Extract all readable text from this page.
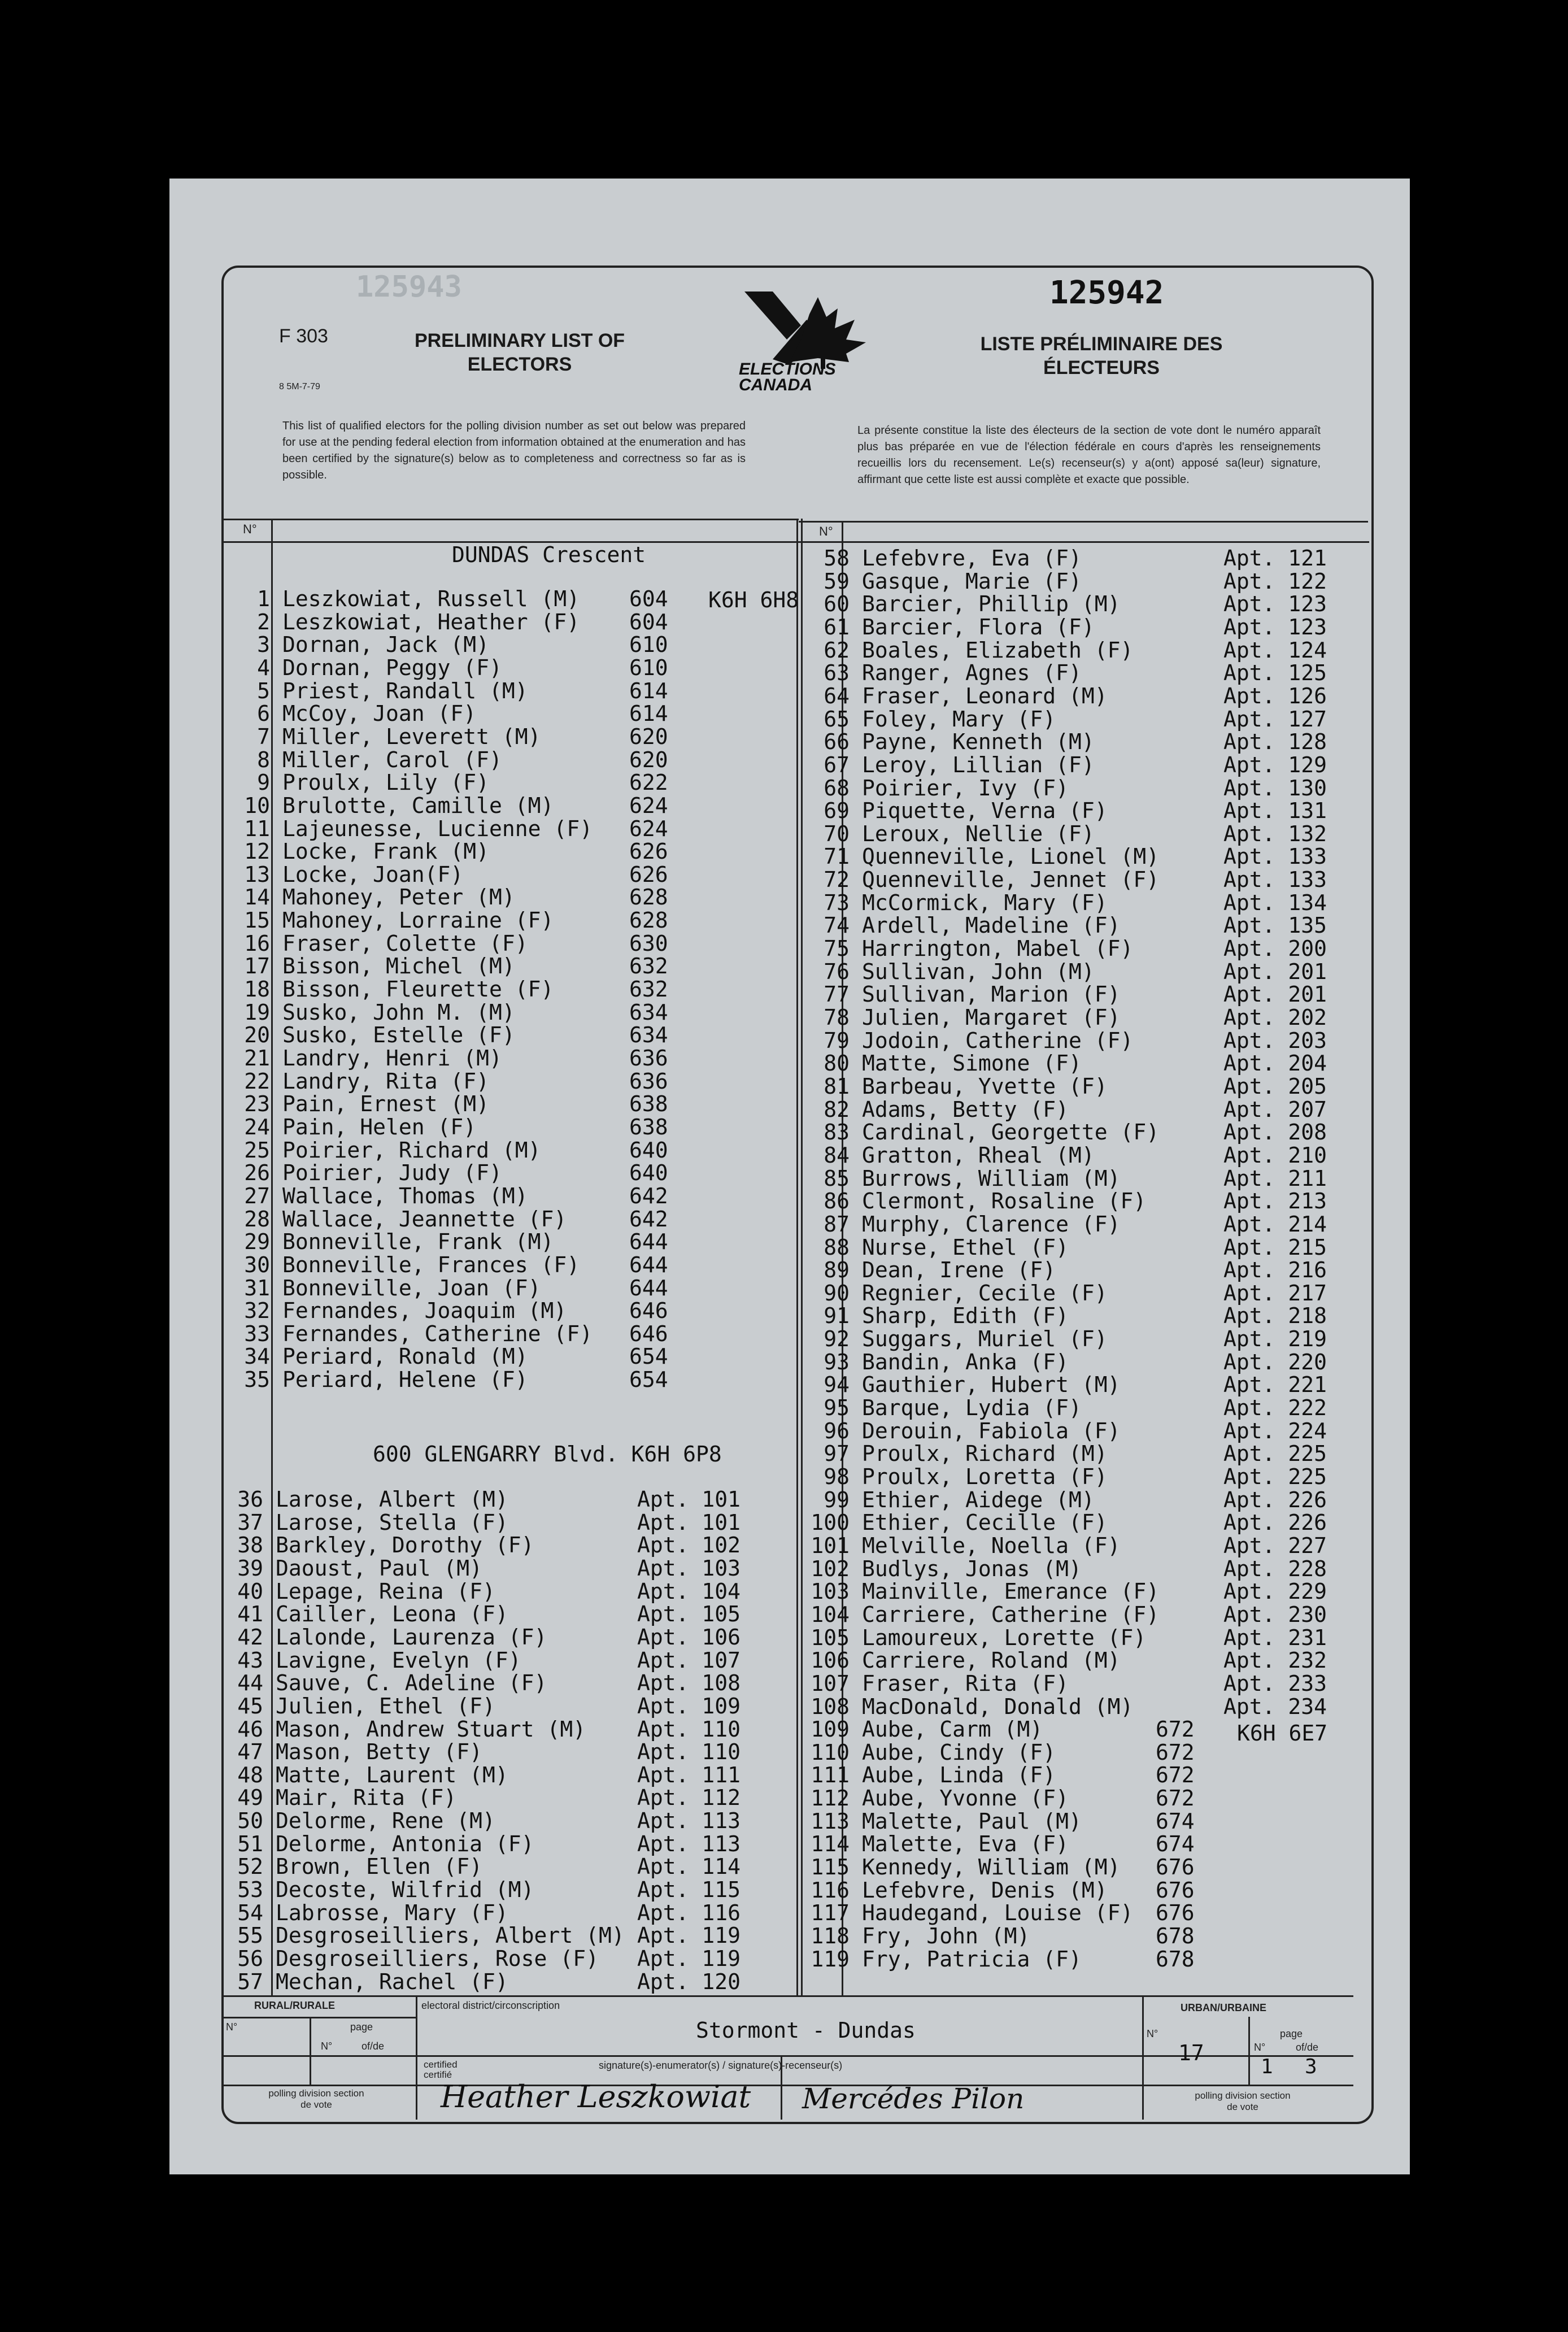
125943	125942
F 303
8 5M-7-79
PRELIMINARY LIST OF ELECTORS
LISTE PRÉLIMINAIRE DES ÉLECTEURS
ELECTIONS CANADA
This list of qualified electors for the polling division number as set out below was prepared for use at the pending federal election from information obtained at the enumeration and has been certified by the signature(s) below as to completeness and correctness so far as is possible.
La présente constitue la liste des électeurs de la section de vote dont le numéro apparaît plus bas préparée en vue de l'élection fédérale en cours d'après les renseignements recueillis lors du recensement. Le(s) recenseur(s) y a(ont) apposé sa(leur) signature, affirmant que cette liste est aussi complète et exacte que possible.
N°	N°
DUNDAS Crescent
K6H 6H8
1 Leszkowiat, Russell (M) 604
2 Leszkowiat, Heather (F) 604
3 Dornan, Jack (M)	610
4 Dornan, Peggy (F)	610
5 Priest, Randall (M)	614
6 McCoy, Joan (F)	614
7 Miller, Leverett (M)	620
8 Miller, Carol (F)	620
9 Proulx, Lily (F)	622
10 Brulotte, Camille (M)	624
11 Lajeunesse, Lucienne (F) 624
12 Locke, Frank (M)	626
13 Locke, Joan(F)	626
14 Mahoney, Peter (M)	628
15 Mahoney, Lorraine (F)	628
16 Fraser, Colette (F)	630
17 Bisson, Michel (M)	632
18 Bisson, Fleurette (F)	632
19 Susko, John M. (M)	634
20 Susko, Estelle (F)	634
21 Landry, Henri (M)	636
22 Landry, Rita (F)	636
23 Pain, Ernest (M)	638
24 Pain, Helen (F)	638
25 Poirier, Richard (M)	640
26 Poirier, Judy (F)	640
27 Wallace, Thomas (M)	642
28 Wallace, Jeannette (F)	642
29 Bonneville, Frank (M)	644
30 Bonneville, Frances (F) 644
31 Bonneville, Joan (F)	644
32 Fernandes, Joaquim (M)	646
33 Fernandes, Catherine (F) 646
34 Periard, Ronald (M)	654
35 Periard, Helene (F)	654
600 GLENGARRY Blvd. K6H 6P8
36 Larose, Albert (M)	Apt. 101
37 Larose, Stella (F)	Apt. 101
38 Barkley, Dorothy (F)	Apt. 102
39 Daoust, Paul (M)	Apt. 103
40 Lepage, Reina (F)	Apt. 104
41 Cailler, Leona (F)	Apt. 105
42 Lalonde, Laurenza (F)	Apt. 106
43 Lavigne, Evelyn (F)	Apt. 107
44 Sauve, C. Adeline (F)	Apt. 108
45 Julien, Ethel (F)	Apt. 109
46 Mason, Andrew Stuart (M) Apt. 110
47 Mason, Betty (F)	Apt. 110
48 Matte, Laurent (M)	Apt. 111
49 Mair, Rita (F)	Apt. 112
50 Delorme, Rene (M)	Apt. 113
51 Delorme, Antonia (F)	Apt. 113
52 Brown, Ellen (F)	Apt. 114
53 Decoste, Wilfrid (M)	Apt. 115
54 Labrosse, Mary (F)	Apt. 116
55 Desgroseilliers, Albert (M) Apt. 119
56 Desgroseilliers, Rose (F) Apt. 119
57 Mechan, Rachel (F)	Apt. 120
58 Lefebvre, Eva (F)	Apt. 121
59 Gasque, Marie (F)	Apt. 122
60 Barcier, Phillip (M)	Apt. 123
61 Barcier, Flora (F)	Apt. 123
62 Boales, Elizabeth (F)	Apt. 124
63 Ranger, Agnes (F)	Apt. 125
64 Fraser, Leonard (M)	Apt. 126
65 Foley, Mary (F)	Apt. 127
66 Payne, Kenneth (M)	Apt. 128
67 Leroy, Lillian (F)	Apt. 129
68 Poirier, Ivy (F)	Apt. 130
69 Piquette, Verna (F)	Apt. 131
70 Leroux, Nellie (F)	Apt. 132
71 Quenneville, Lionel (M)	Apt. 133
72 Quenneville, Jennet (F)	Apt. 133
73 McCormick, Mary (F)	Apt. 134
74 Ardell, Madeline (F)	Apt. 135
75 Harrington, Mabel (F)	Apt. 200
76 Sullivan, John (M)	Apt. 201
77 Sullivan, Marion (F)	Apt. 201
78 Julien, Margaret (F)	Apt. 202
79 Jodoin, Catherine (F)	Apt. 203
80 Matte, Simone (F)	Apt. 204
81 Barbeau, Yvette (F)	Apt. 205
82 Adams, Betty (F)	Apt. 207
83 Cardinal, Georgette (F)	Apt. 208
84 Gratton, Rheal (M)	Apt. 210
85 Burrows, William (M)	Apt. 211
86 Clermont, Rosaline (F)	Apt. 213
87 Murphy, Clarence (F)	Apt. 214
88 Nurse, Ethel (F)	Apt. 215
89 Dean, Irene (F)	Apt. 216
90 Regnier, Cecile (F)	Apt. 217
91 Sharp, Edith (F)	Apt. 218
92 Suggars, Muriel (F)	Apt. 219
93 Bandin, Anka (F)	Apt. 220
94 Gauthier, Hubert (M)	Apt. 221
95 Barque, Lydia (F)	Apt. 222
96 Derouin, Fabiola (F)	Apt. 224
97 Proulx, Richard (M)	Apt. 225
98 Proulx, Loretta (F)	Apt. 225
99 Ethier, Aidege (M)	Apt. 226
100 Ethier, Cecille (F)	Apt. 226
101 Melville, Noella (F)	Apt. 227
102 Budlys, Jonas (M)	Apt. 228
103 Mainville, Emerance (F)	Apt. 229
104 Carriere, Catherine (F)	Apt. 230
105 Lamoureux, Lorette (F)	Apt. 231
106 Carriere, Roland (M)	Apt. 232
107 Fraser, Rita (F)	Apt. 233
108 MacDonald, Donald (M)	Apt. 234
109 Aube, Carm (M)	672
110 Aube, Cindy (F)	672
111 Aube, Linda (F)	672
112 Aube, Yvonne (F)	672
113 Malette, Paul (M)	674
114 Malette, Eva (F)	674
115 Kennedy, William (M) 676
116 Lefebvre, Denis (M) 676
117 Haudegand, Louise (F) 676
118 Fry, John (M)	678
119 Fry, Patricia (F)	678
K6H 6E7
RURAL/RURALE
N°	page
N°	of/de
polling division section de vote
electoral district/circonscription
Stormont - Dundas
certified certifié
signature(s)-enumerator(s) / signature(s)-recenseur(s)
Heather Leszkowiat Mercédes Pilon
URBAN/URBAINE
N°
17
page
N°	of/de
1 3
polling division section de vote
